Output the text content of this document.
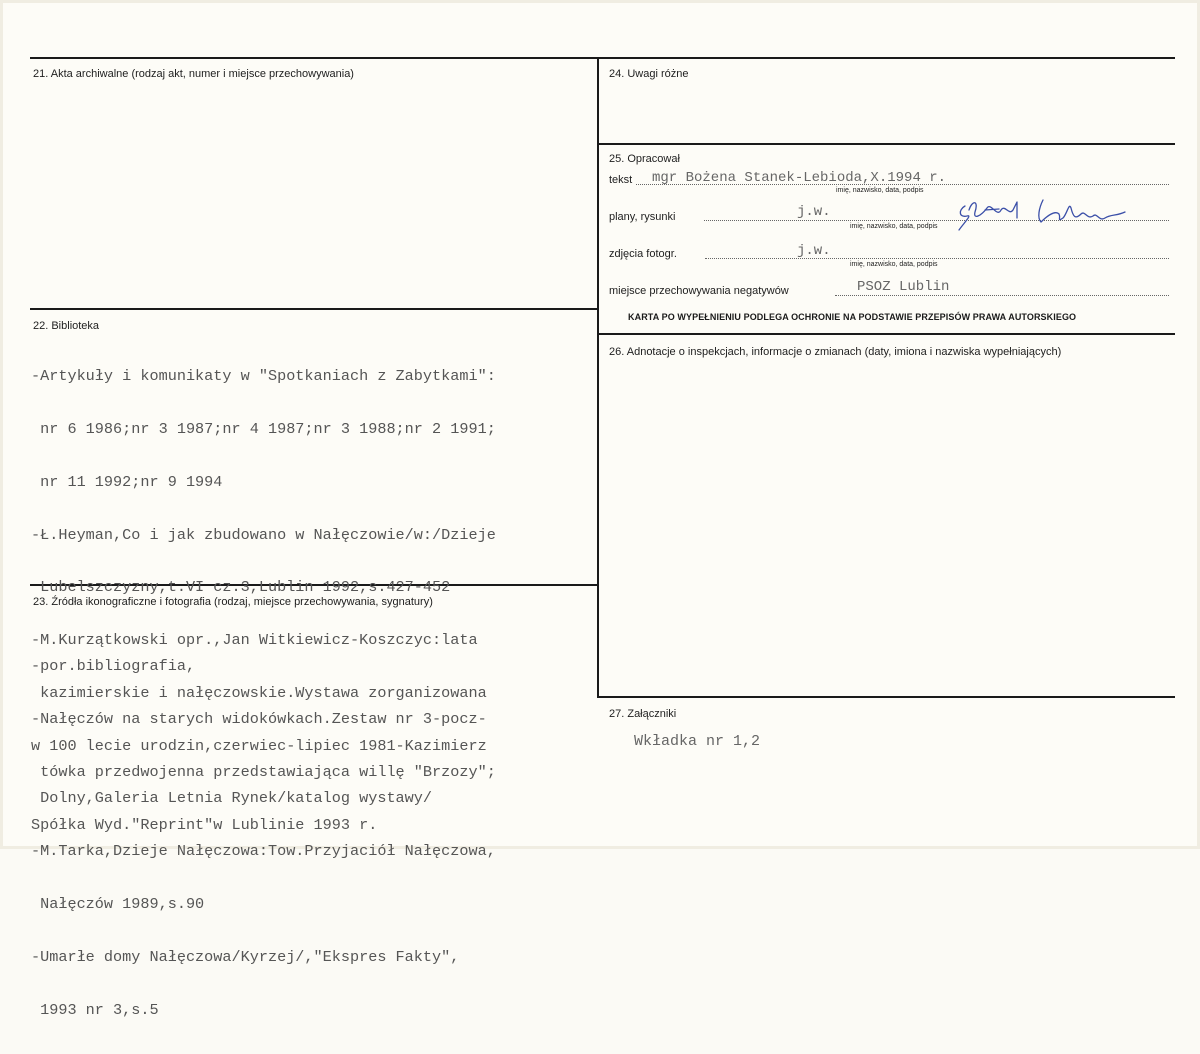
21. Akta archiwalne (rodzaj akt, numer i miejsce przechowywania)
22. Biblioteka

-Artykuły i komunikaty w "Spotkaniach z Zabytkami":

nr 6 1986;nr 3 1987;nr 4 1987;nr 3 1988;nr 2 1991;

nr 11 1992;nr 9 1994

-Ł.Heyman,Co i jak zbudowano w Nałęczowie/w:/Dzieje

Lubelszczyzny,t.VI cz.3,Lublin 1992,s.427-452

-M.Kurzątkowski opr.,Jan Witkiewicz-Koszczyc:lata

kazimierskie i nałęczowskie.Wystawa zorganizowana

w 100 lecie urodzin,czerwiec-lipiec 1981-Kazimierz

Dolny,Galeria Letnia Rynek/katalog wystawy/

-M.Tarka,Dzieje Nałęczowa:Tow.Przyjaciół Nałęczowa,

Nałęczów 1989,s.90

-Umarłe domy Nałęczowa/Kyrzej/,"Ekspres Fakty",

1993 nr 3,s.5

23. Źródła ikonograficzne i fotografia (rodzaj, miejsce przechowywania, sygnatury)

-por.bibliografia,

-Nałęczów na starych widokówkach.Zestaw nr 3-pocz-

tówka przedwojenna przedstawiająca willę "Brzozy";

Spółka Wyd."Reprint"w Lublinie 1993 r.

24. Uwagi różne
25. Opracował
tekst mgr Bożena Stanek-Lebioda,X.1994 r.
imię, nazwisko, data, podpis
plany, rysunki	j.w.
imię, nazwisko, data, podpis
zdjęcia fotogr.	j.w.
imię, nazwisko, data, podpis
miejsce przechowywania negatywów	PSOZ Lublin
KARTA PO WYPEŁNIENIU PODLEGA OCHRONIE NA PODSTAWIE PRZEPISÓW PRAWA AUTORSKIEGO
26. Adnotacje o inspekcjach, informacje o zmianach (daty, imiona i nazwiska wypełniających)
27. Załączniki
Wkładka nr 1,2
